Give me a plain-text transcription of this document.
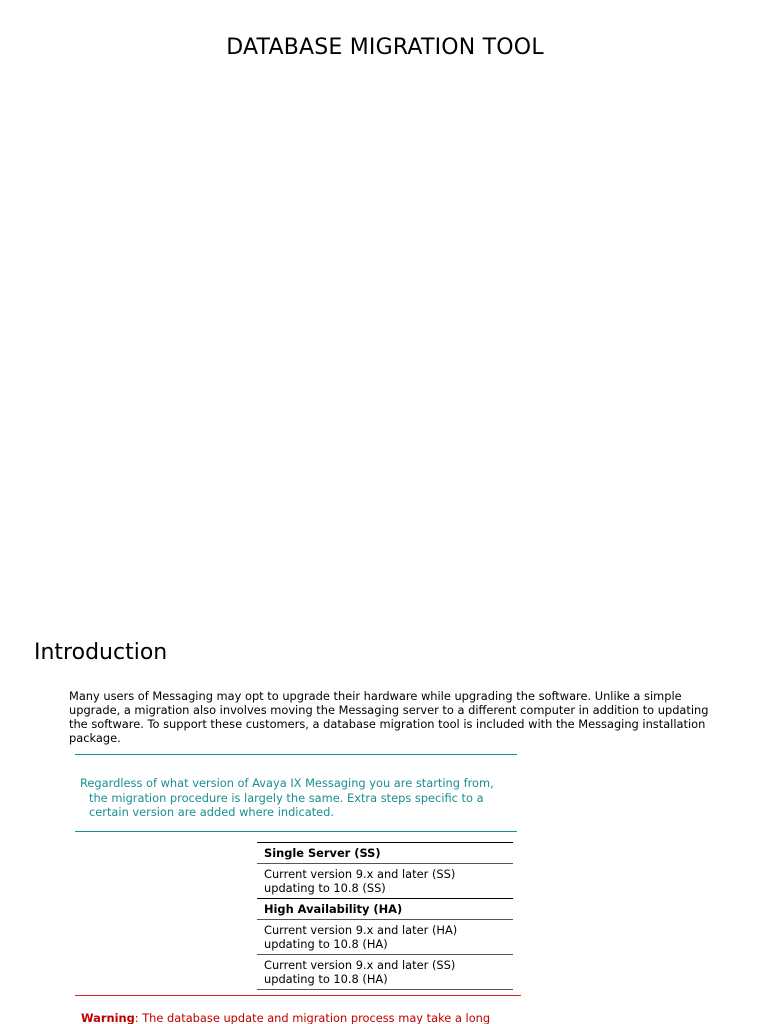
DATABASE MIGRATION TOOL
Introduction
Many users of Messaging may opt to upgrade their hardware while upgrading the software. Unlike a simple
upgrade, a migration also involves moving the Messaging server to a different computer in addition to updating
the software. To support these customers, a database migration tool is included with the Messaging installation
package.
Regardless of what version of Avaya IX Messaging you are starting from,
the migration procedure is largely the same. Extra steps specific to a
certain version are added where indicated.
Single Server (SS)

Current version 9.x and later (SS)
updating to 10.8 (SS)

High Availability (HA)

Current version 9.x and later (HA)
updating to 10.8 (HA)

Current version 9.x and later (SS)
updating to 10.8 (HA)
Warning: The database update and migration process may take a long
